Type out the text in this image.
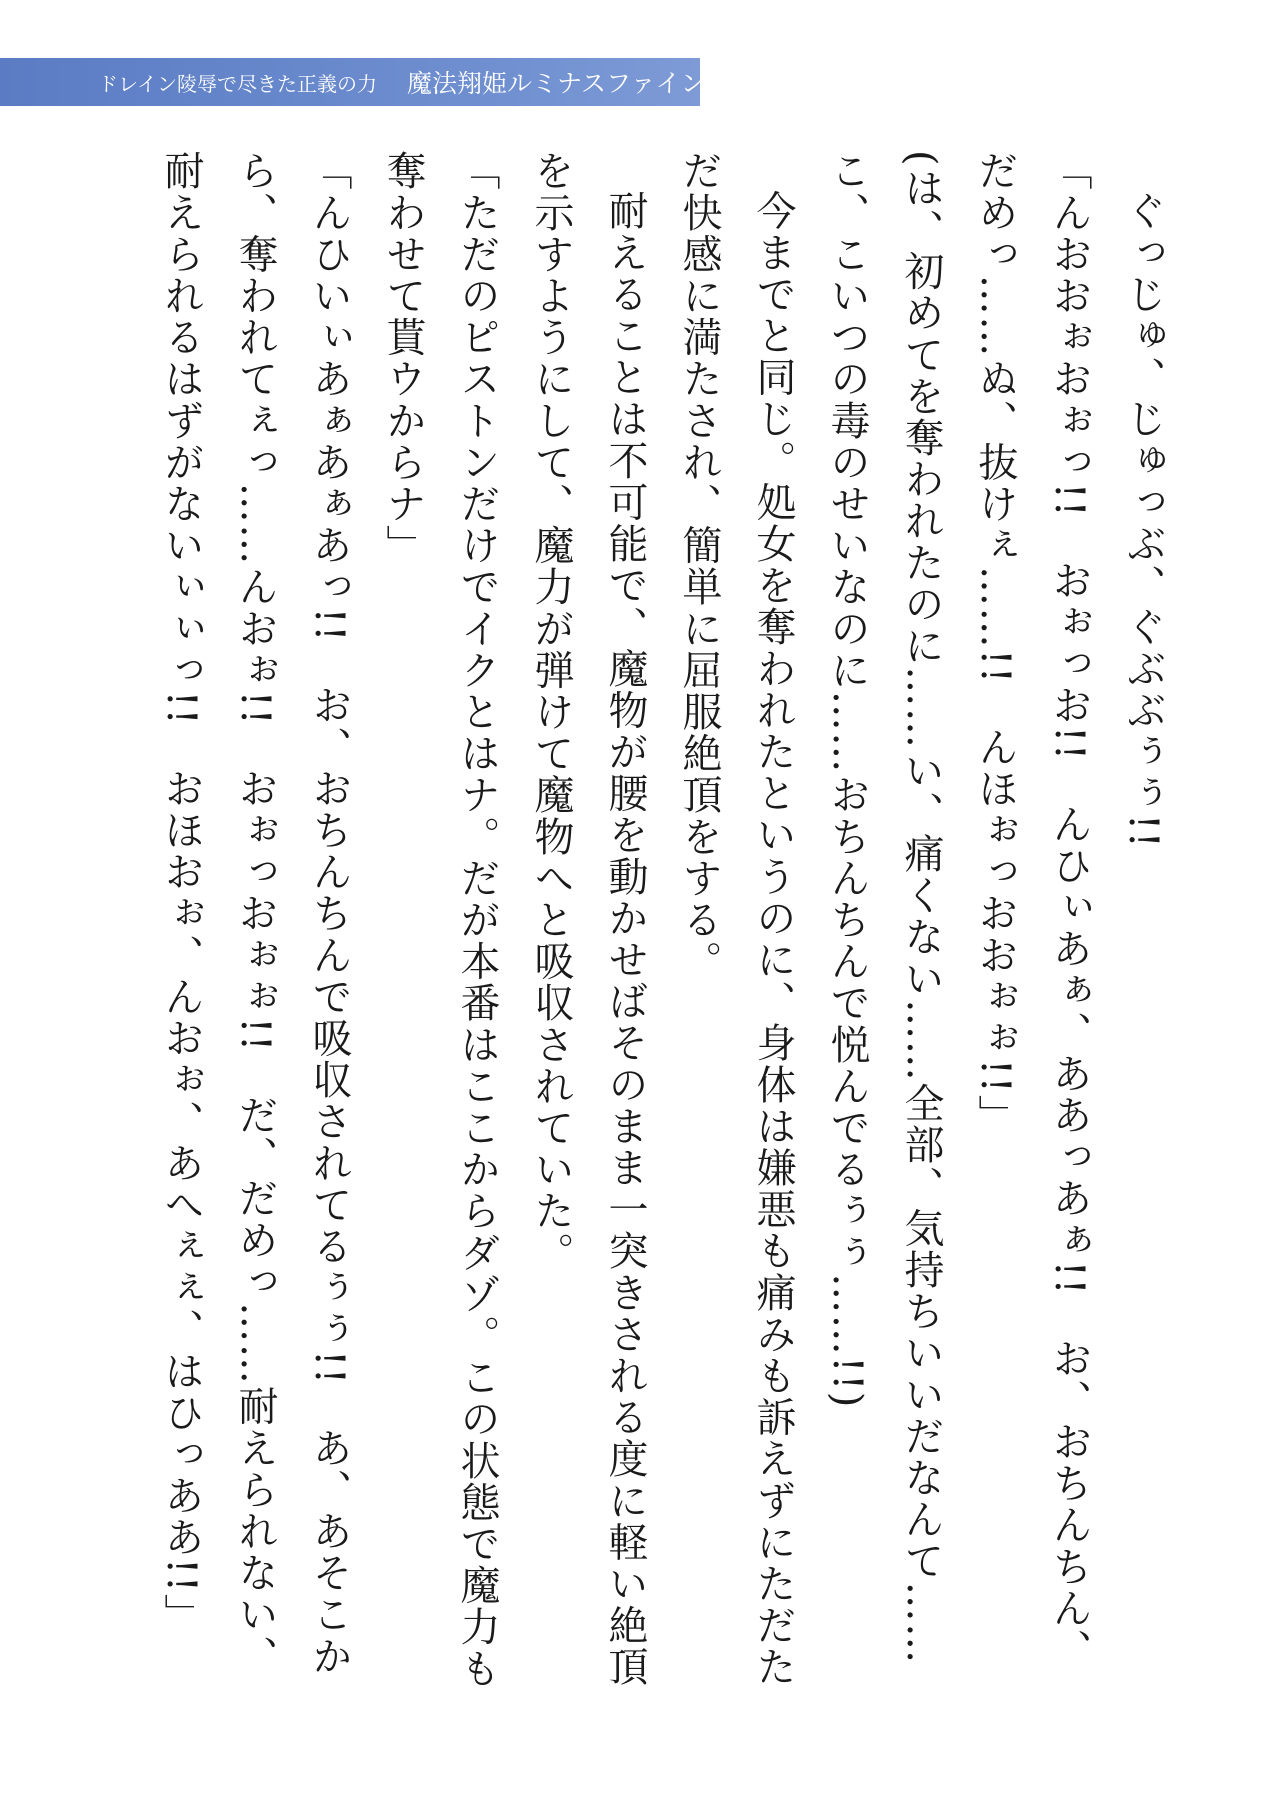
ドレイン陵辱で尽きた正義の力 魔法翔姫ルミナスファイン

ぐっじゅ、じゅっぶ、ぐぶぶぅぅ!!

「んおおぉおぉっ!!　おぉっお!!　んひぃあぁ、ああっあぁ!!　お、おちんちん、だめっ……ぬ、抜けぇ……!!　んほぉっおおぉぉ!!」

(は、初めてを奪われたのに……い、痛くない……全部、気持ちいいだなんて……こ、こいつの毒のせいなのに……おちんちんで悦んでるぅぅ……!!)

今までと同じ。処女を奪われたというのに、身体は嫌悪も痛みも訴えずにただただ快感に満たされ、簡単に屈服絶頂をする。

耐えることは不可能で、魔物が腰を動かせばそのまま一突きされる度に軽い絶頂を示すようにして、魔力が弾けて魔物へと吸収されていた。

「ただのピストンだけでイクとはナ。だが本番はここからダゾ。この状態で魔力も奪わせて貰ウからナ」

「んひいぃあぁあぁあっ!!　お、おちんちんで吸収されてるぅぅ!!　あ、あそこから、奪われてぇっ……んおぉ!!　おぉっおぉぉ!!　だ、だめっ……耐えられない、耐えられるはずがないぃぃっ!!　おほおぉ、んおぉ、あへぇぇ、はひっああ!!」
